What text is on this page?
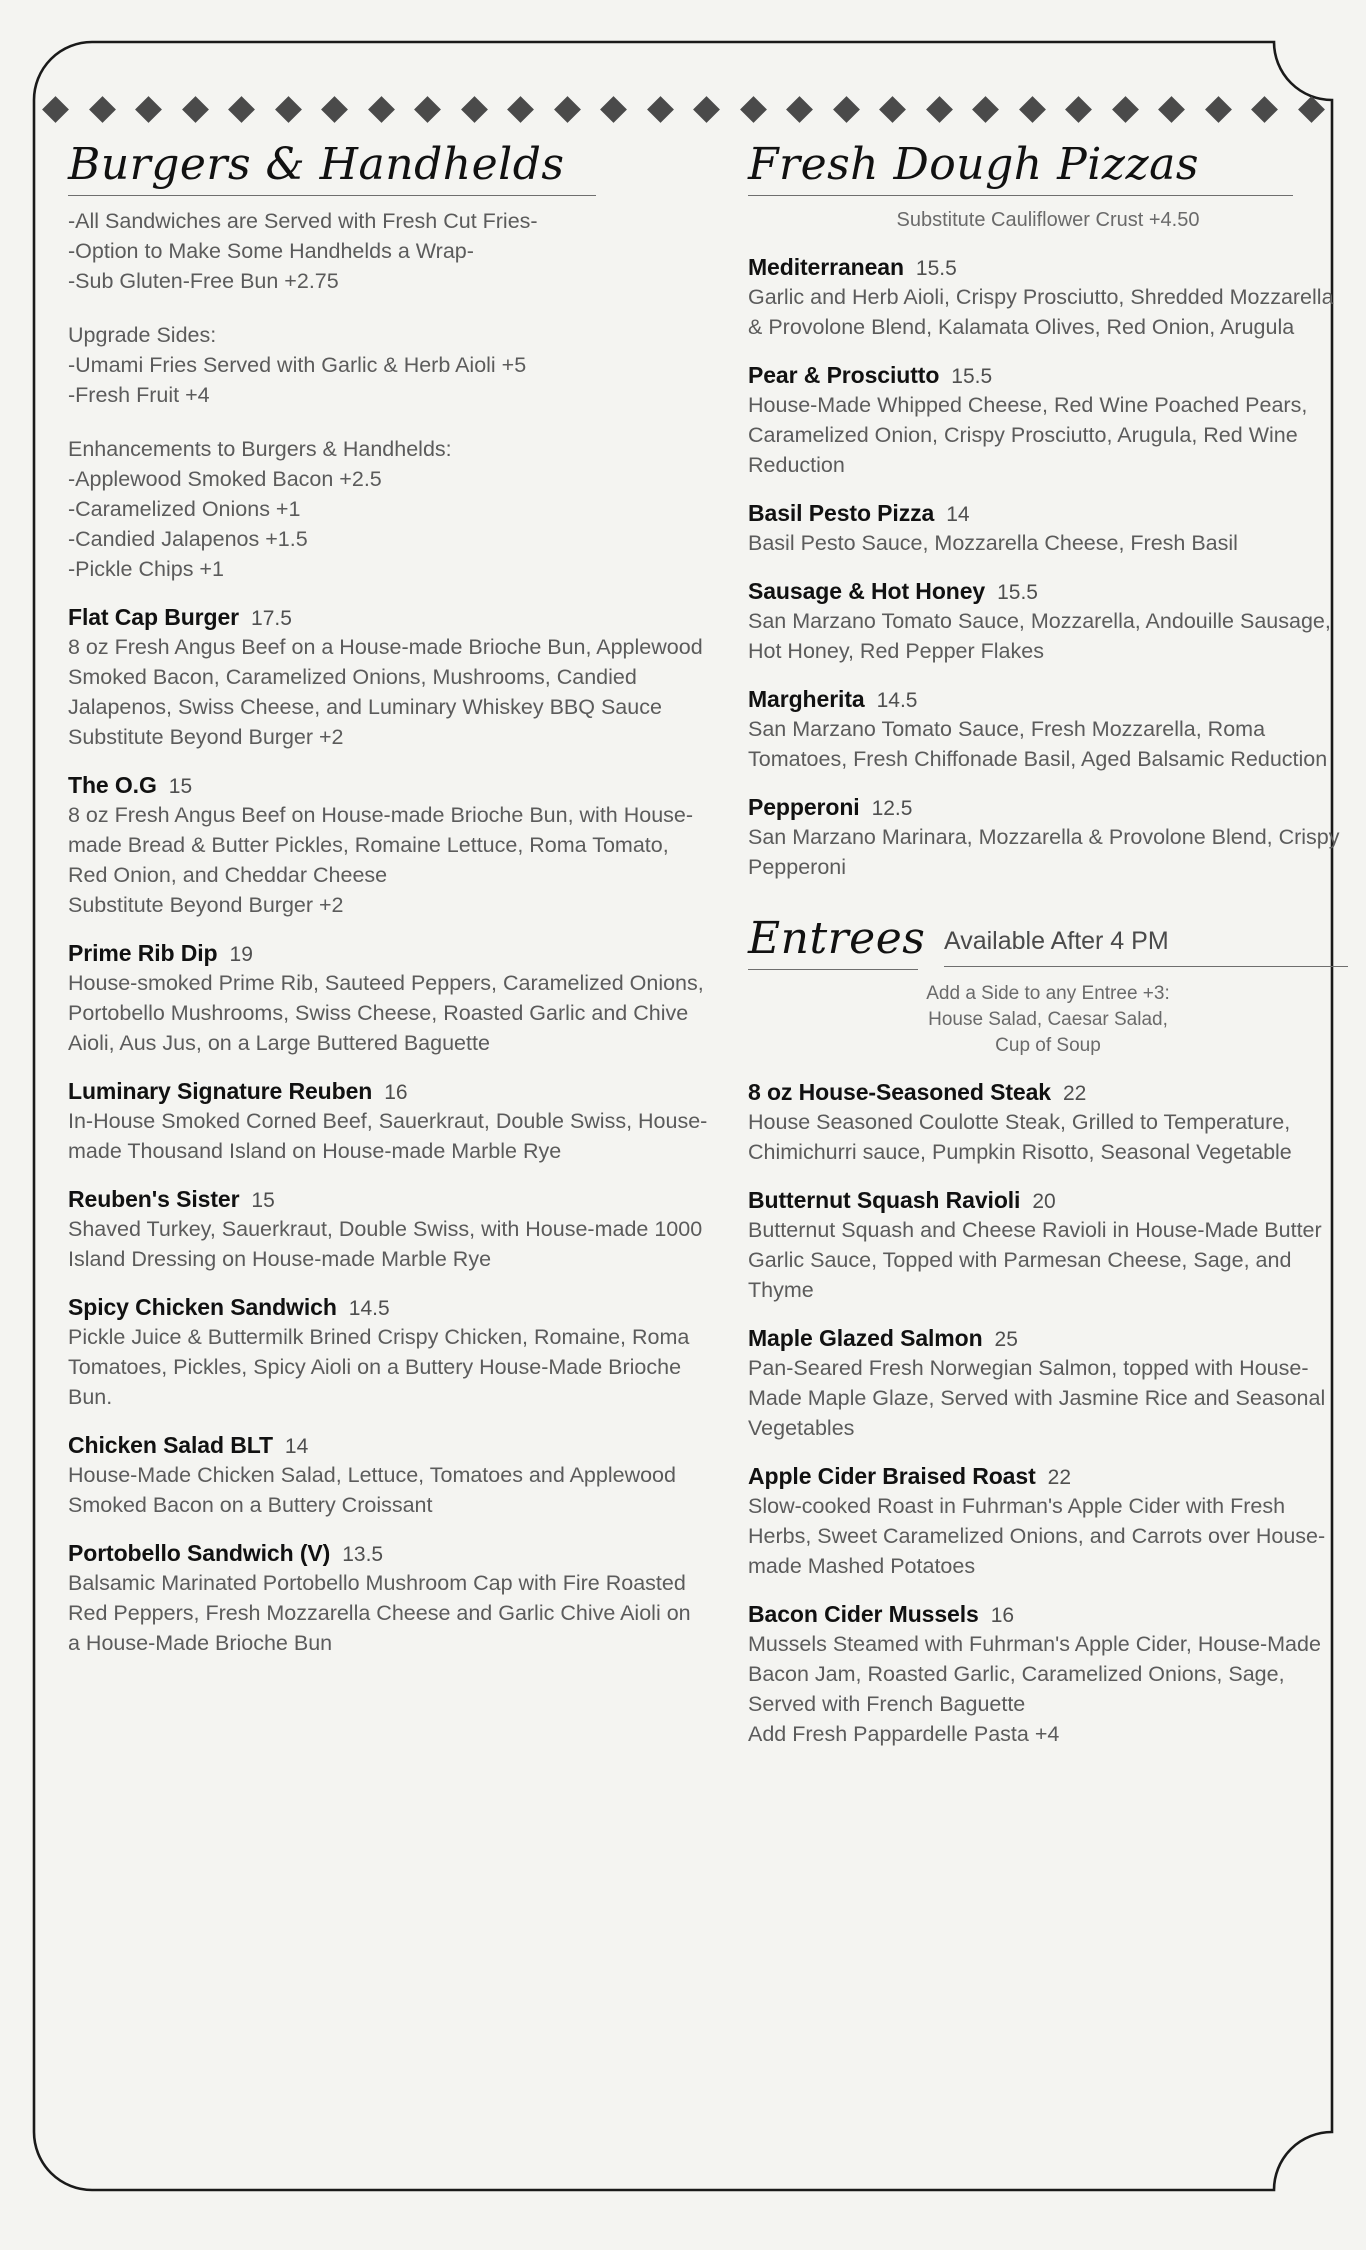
Burgers & Handhelds
-All Sandwiches are Served with Fresh Cut Fries-
-Option to Make Some Handhelds a Wrap-
-Sub Gluten-Free Bun +2.75
Upgrade Sides:
-Umami Fries Served with Garlic & Herb Aioli +5
-Fresh Fruit +4
Enhancements to Burgers & Handhelds:
-Applewood Smoked Bacon +2.5
-Caramelized Onions +1
-Candied Jalapenos +1.5
-Pickle Chips +1
Flat Cap Burger 17.5
8 oz Fresh Angus Beef on a House-made Brioche Bun, Applewood Smoked Bacon, Caramelized Onions, Mushrooms, Candied Jalapenos, Swiss Cheese, and Luminary Whiskey BBQ Sauce
Substitute Beyond Burger +2
The O.G 15
8 oz Fresh Angus Beef on House-made Brioche Bun, with House-made Bread & Butter Pickles, Romaine Lettuce, Roma Tomato, Red Onion, and Cheddar Cheese
Substitute Beyond Burger +2
Prime Rib Dip 19
House-smoked Prime Rib, Sauteed Peppers, Caramelized Onions, Portobello Mushrooms, Swiss Cheese, Roasted Garlic and Chive Aioli, Aus Jus, on a Large Buttered Baguette
Luminary Signature Reuben 16
In-House Smoked Corned Beef, Sauerkraut, Double Swiss, House-made Thousand Island on House-made Marble Rye
Reuben's Sister 15
Shaved Turkey, Sauerkraut, Double Swiss, with House-made 1000 Island Dressing on House-made Marble Rye
Spicy Chicken Sandwich 14.5
Pickle Juice & Buttermilk Brined Crispy Chicken, Romaine, Roma Tomatoes, Pickles, Spicy Aioli on a Buttery House-Made Brioche Bun.
Chicken Salad BLT 14
House-Made Chicken Salad, Lettuce, Tomatoes and Applewood Smoked Bacon on a Buttery Croissant
Portobello Sandwich (V) 13.5
Balsamic Marinated Portobello Mushroom Cap with Fire Roasted Red Peppers, Fresh Mozzarella Cheese and Garlic Chive Aioli on a House-Made Brioche Bun
Fresh Dough Pizzas
Substitute Cauliflower Crust +4.50
Mediterranean 15.5
Garlic and Herb Aioli, Crispy Prosciutto, Shredded Mozzarella & Provolone Blend, Kalamata Olives, Red Onion, Arugula
Pear & Prosciutto 15.5
House-Made Whipped Cheese, Red Wine Poached Pears, Caramelized Onion, Crispy Prosciutto, Arugula, Red Wine Reduction
Basil Pesto Pizza 14
Basil Pesto Sauce, Mozzarella Cheese, Fresh Basil
Sausage & Hot Honey 15.5
San Marzano Tomato Sauce, Mozzarella, Andouille Sausage, Hot Honey, Red Pepper Flakes
Margherita 14.5
San Marzano Tomato Sauce, Fresh Mozzarella, Roma Tomatoes, Fresh Chiffonade Basil, Aged Balsamic Reduction
Pepperoni 12.5
San Marzano Marinara, Mozzarella & Provolone Blend, Crispy Pepperoni
Entrees Available After 4 PM
Add a Side to any Entree +3:
House Salad, Caesar Salad,
Cup of Soup
8 oz House-Seasoned Steak 22
House Seasoned Coulotte Steak, Grilled to Temperature, Chimichurri sauce, Pumpkin Risotto, Seasonal Vegetable
Butternut Squash Ravioli 20
Butternut Squash and Cheese Ravioli in House-Made Butter Garlic Sauce, Topped with Parmesan Cheese, Sage, and Thyme
Maple Glazed Salmon 25
Pan-Seared Fresh Norwegian Salmon, topped with House-Made Maple Glaze, Served with Jasmine Rice and Seasonal Vegetables
Apple Cider Braised Roast 22
Slow-cooked Roast in Fuhrman's Apple Cider with Fresh Herbs, Sweet Caramelized Onions, and Carrots over House-made Mashed Potatoes
Bacon Cider Mussels 16
Mussels Steamed with Fuhrman's Apple Cider, House-Made Bacon Jam, Roasted Garlic, Caramelized Onions, Sage, Served with French Baguette
Add Fresh Pappardelle Pasta +4
